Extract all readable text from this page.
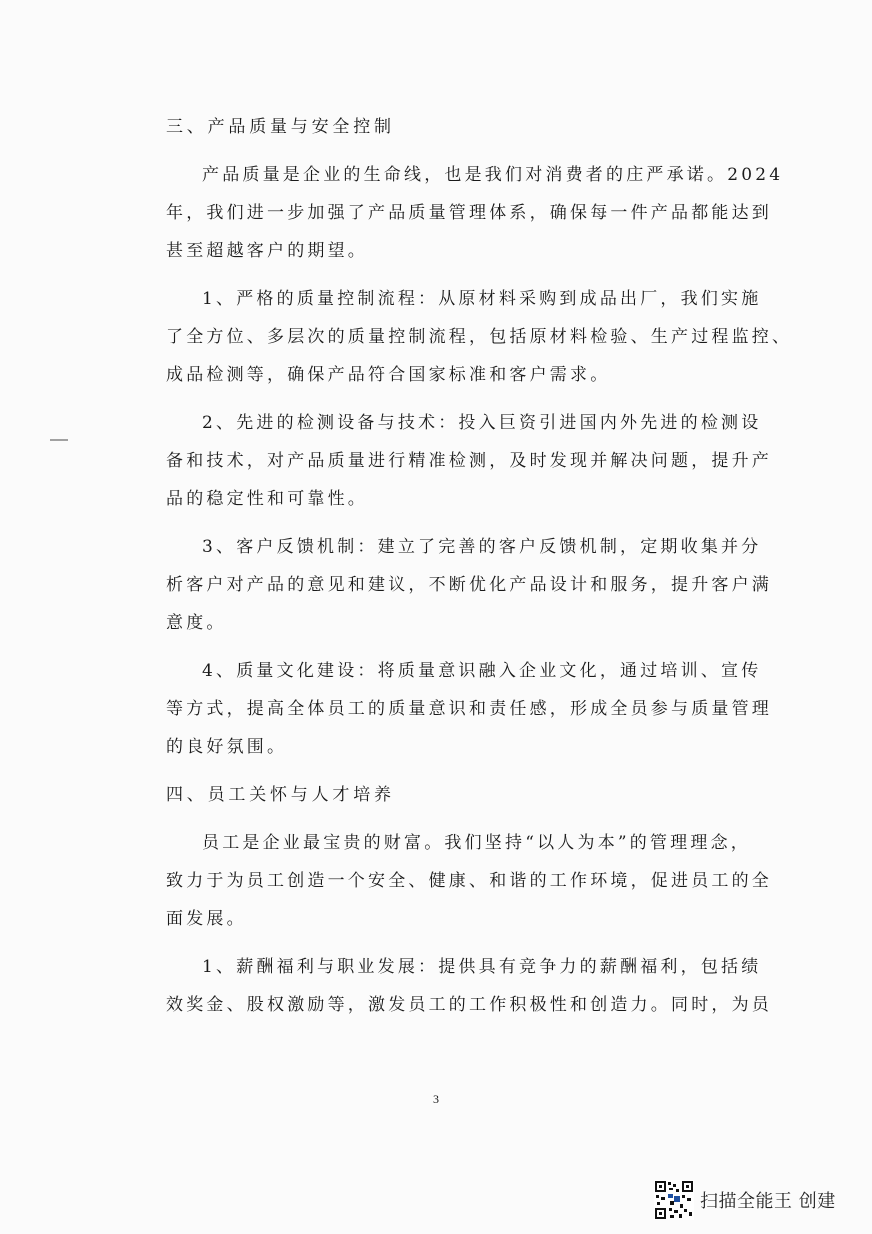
三、产品质量与安全控制
产品质量是企业的生命线，也是我们对消费者的庄严承诺。2024
年，我们进一步加强了产品质量管理体系，确保每一件产品都能达到
甚至超越客户的期望。
1、严格的质量控制流程：从原材料采购到成品出厂，我们实施
了全方位、多层次的质量控制流程，包括原材料检验、生产过程监控、
成品检测等，确保产品符合国家标准和客户需求。
2、先进的检测设备与技术：投入巨资引进国内外先进的检测设
备和技术，对产品质量进行精准检测，及时发现并解决问题，提升产
品的稳定性和可靠性。
3、客户反馈机制：建立了完善的客户反馈机制，定期收集并分
析客户对产品的意见和建议，不断优化产品设计和服务，提升客户满
意度。
4、质量文化建设：将质量意识融入企业文化，通过培训、宣传
等方式，提高全体员工的质量意识和责任感，形成全员参与质量管理
的良好氛围。
四、员工关怀与人才培养
员工是企业最宝贵的财富。我们坚持“以人为本”的管理理念，
致力于为员工创造一个安全、健康、和谐的工作环境，促进员工的全
面发展。
1、薪酬福利与职业发展：提供具有竞争力的薪酬福利，包括绩
效奖金、股权激励等，激发员工的工作积极性和创造力。同时，为员
3
扫描全能王 创建
